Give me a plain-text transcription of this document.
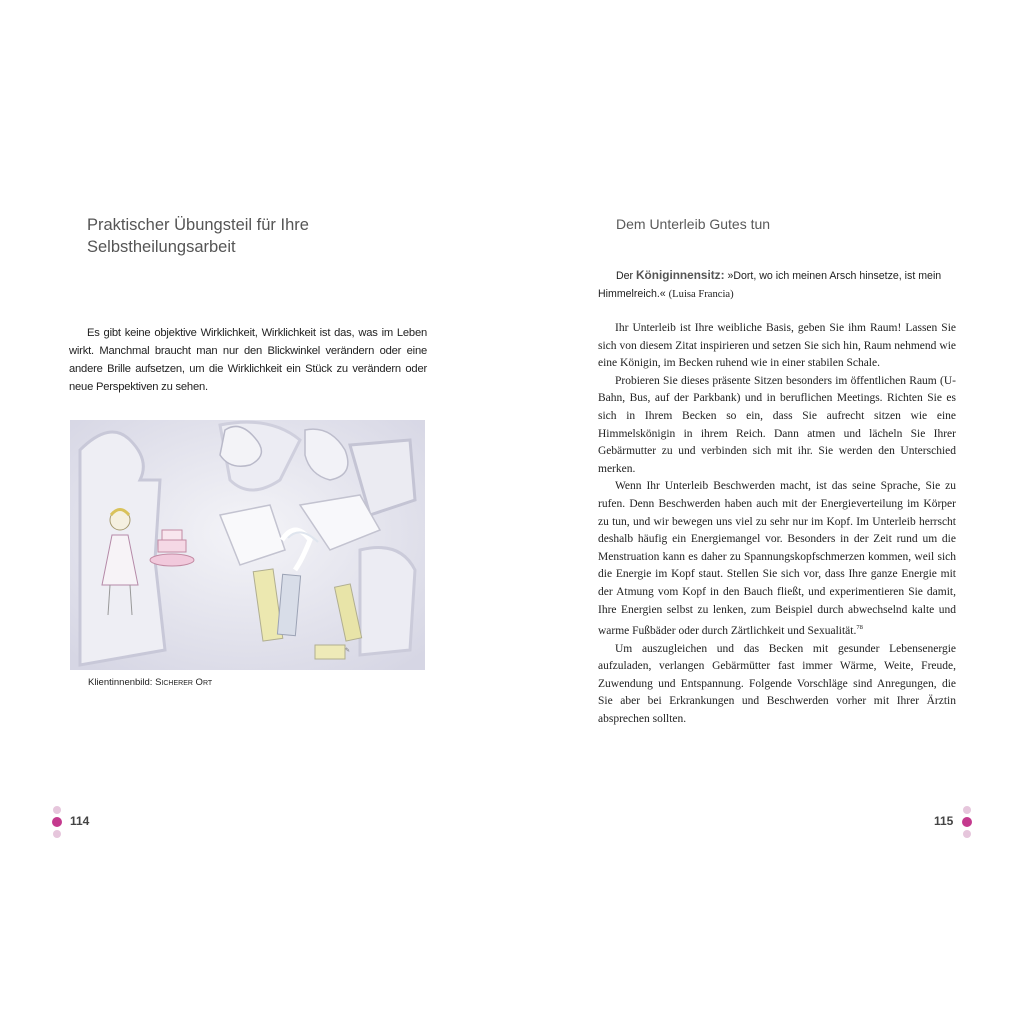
Praktischer Übungsteil für Ihre
Selbstheilungsarbeit

Es gibt keine objektive Wirklichkeit, Wirklichkeit ist das, was im Leben wirkt. Manchmal braucht man nur den Blickwinkel verändern oder eine andere Brille aufsetzen, um die Wirklichkeit ein Stück zu verändern oder neue Perspektiven zu sehen.

✎
Klientinnenbild: Sicherer Ort
114
Dem Unterleib Gutes tun
Der Königinnensitz: »Dort, wo ich meinen Arsch hinsetze, ist mein Himmelreich.« (Luisa Francia)

Ihr Unterleib ist Ihre weibliche Basis, geben Sie ihm Raum! Lassen Sie sich von diesem Zitat inspirieren und setzen Sie sich hin, Raum nehmend wie eine Königin, im Becken ruhend wie in einer stabilen Schale.

Probieren Sie dieses präsente Sitzen besonders im öffentlichen Raum (U-Bahn, Bus, auf der Parkbank) und in beruflichen Meetings. Richten Sie es sich in Ihrem Becken so ein, dass Sie aufrecht sitzen wie eine Himmelskönigin in ihrem Reich. Dann atmen und lächeln Sie Ihrer Gebärmutter zu und verbinden sich mit ihr. Sie werden den Unterschied merken.

Wenn Ihr Unterleib Beschwerden macht, ist das seine Sprache, Sie zu rufen. Denn Beschwerden haben auch mit der Energieverteilung im Körper zu tun, und wir bewegen uns viel zu sehr nur im Kopf. Im Unterleib herrscht deshalb häufig ein Energiemangel vor. Besonders in der Zeit rund um die Menstruation kann es daher zu Spannungskopfschmerzen kommen, weil sich die Energie im Kopf staut. Stellen Sie sich vor, dass Ihre ganze Energie mit der Atmung vom Kopf in den Bauch fließt, und experimentieren Sie damit, Ihre Energien selbst zu lenken, zum Beispiel durch abwechselnd kalte und warme Fußbäder oder durch Zärtlichkeit und Sexualität.$^{78}$

Um auszugleichen und das Becken mit gesunder Lebensenergie aufzuladen, verlangen Gebärmütter fast immer Wärme, Weite, Freude, Zuwendung und Entspannung. Folgende Vorschläge sind Anregungen, die Sie aber bei Erkrankungen und Beschwerden vorher mit Ihrer Ärztin absprechen sollten.

115
